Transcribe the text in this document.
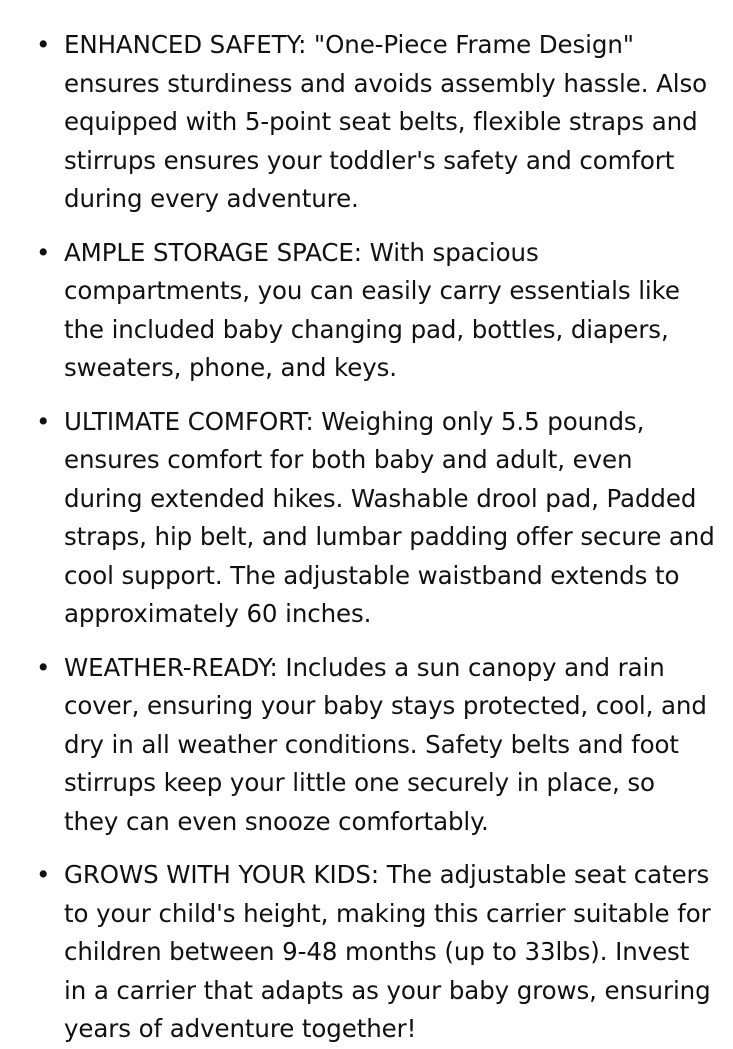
• ENHANCED SAFETY: "One-Piece Frame Design" ensures sturdiness and avoids assembly hassle. Also equipped with 5-point seat belts, flexible straps and stirrups ensures your toddler's safety and comfort during every adventure.
• AMPLE STORAGE SPACE: With spacious compartments, you can easily carry essentials like the included baby changing pad, bottles, diapers, sweaters, phone, and keys.
• ULTIMATE COMFORT: Weighing only 5.5 pounds, ensures comfort for both baby and adult, even during extended hikes. Washable drool pad, Padded straps, hip belt, and lumbar padding offer secure and cool support. The adjustable waistband extends to approximately 60 inches.
• WEATHER-READY: Includes a sun canopy and rain cover, ensuring your baby stays protected, cool, and dry in all weather conditions. Safety belts and foot stirrups keep your little one securely in place, so they can even snooze comfortably.
• GROWS WITH YOUR KIDS: The adjustable seat caters to your child's height, making this carrier suitable for children between 9-48 months (up to 33lbs). Invest in a carrier that adapts as your baby grows, ensuring years of adventure together!
